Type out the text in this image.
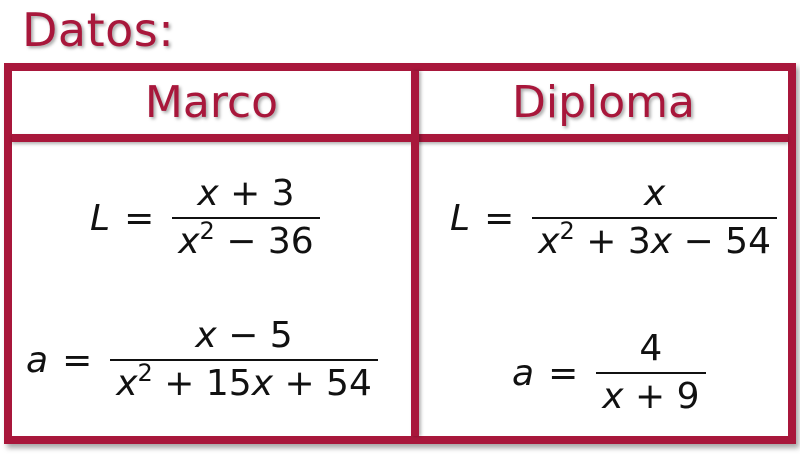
Datos:
Marco	Diploma
$L = \frac{x + 3}{x^2 - 36}$
$a = \frac{x - 5}{x^2 + 15x + 54}$
$L = \frac{x}{x^2 + 3x - 54}$
$a = \frac{4}{x + 9}$
